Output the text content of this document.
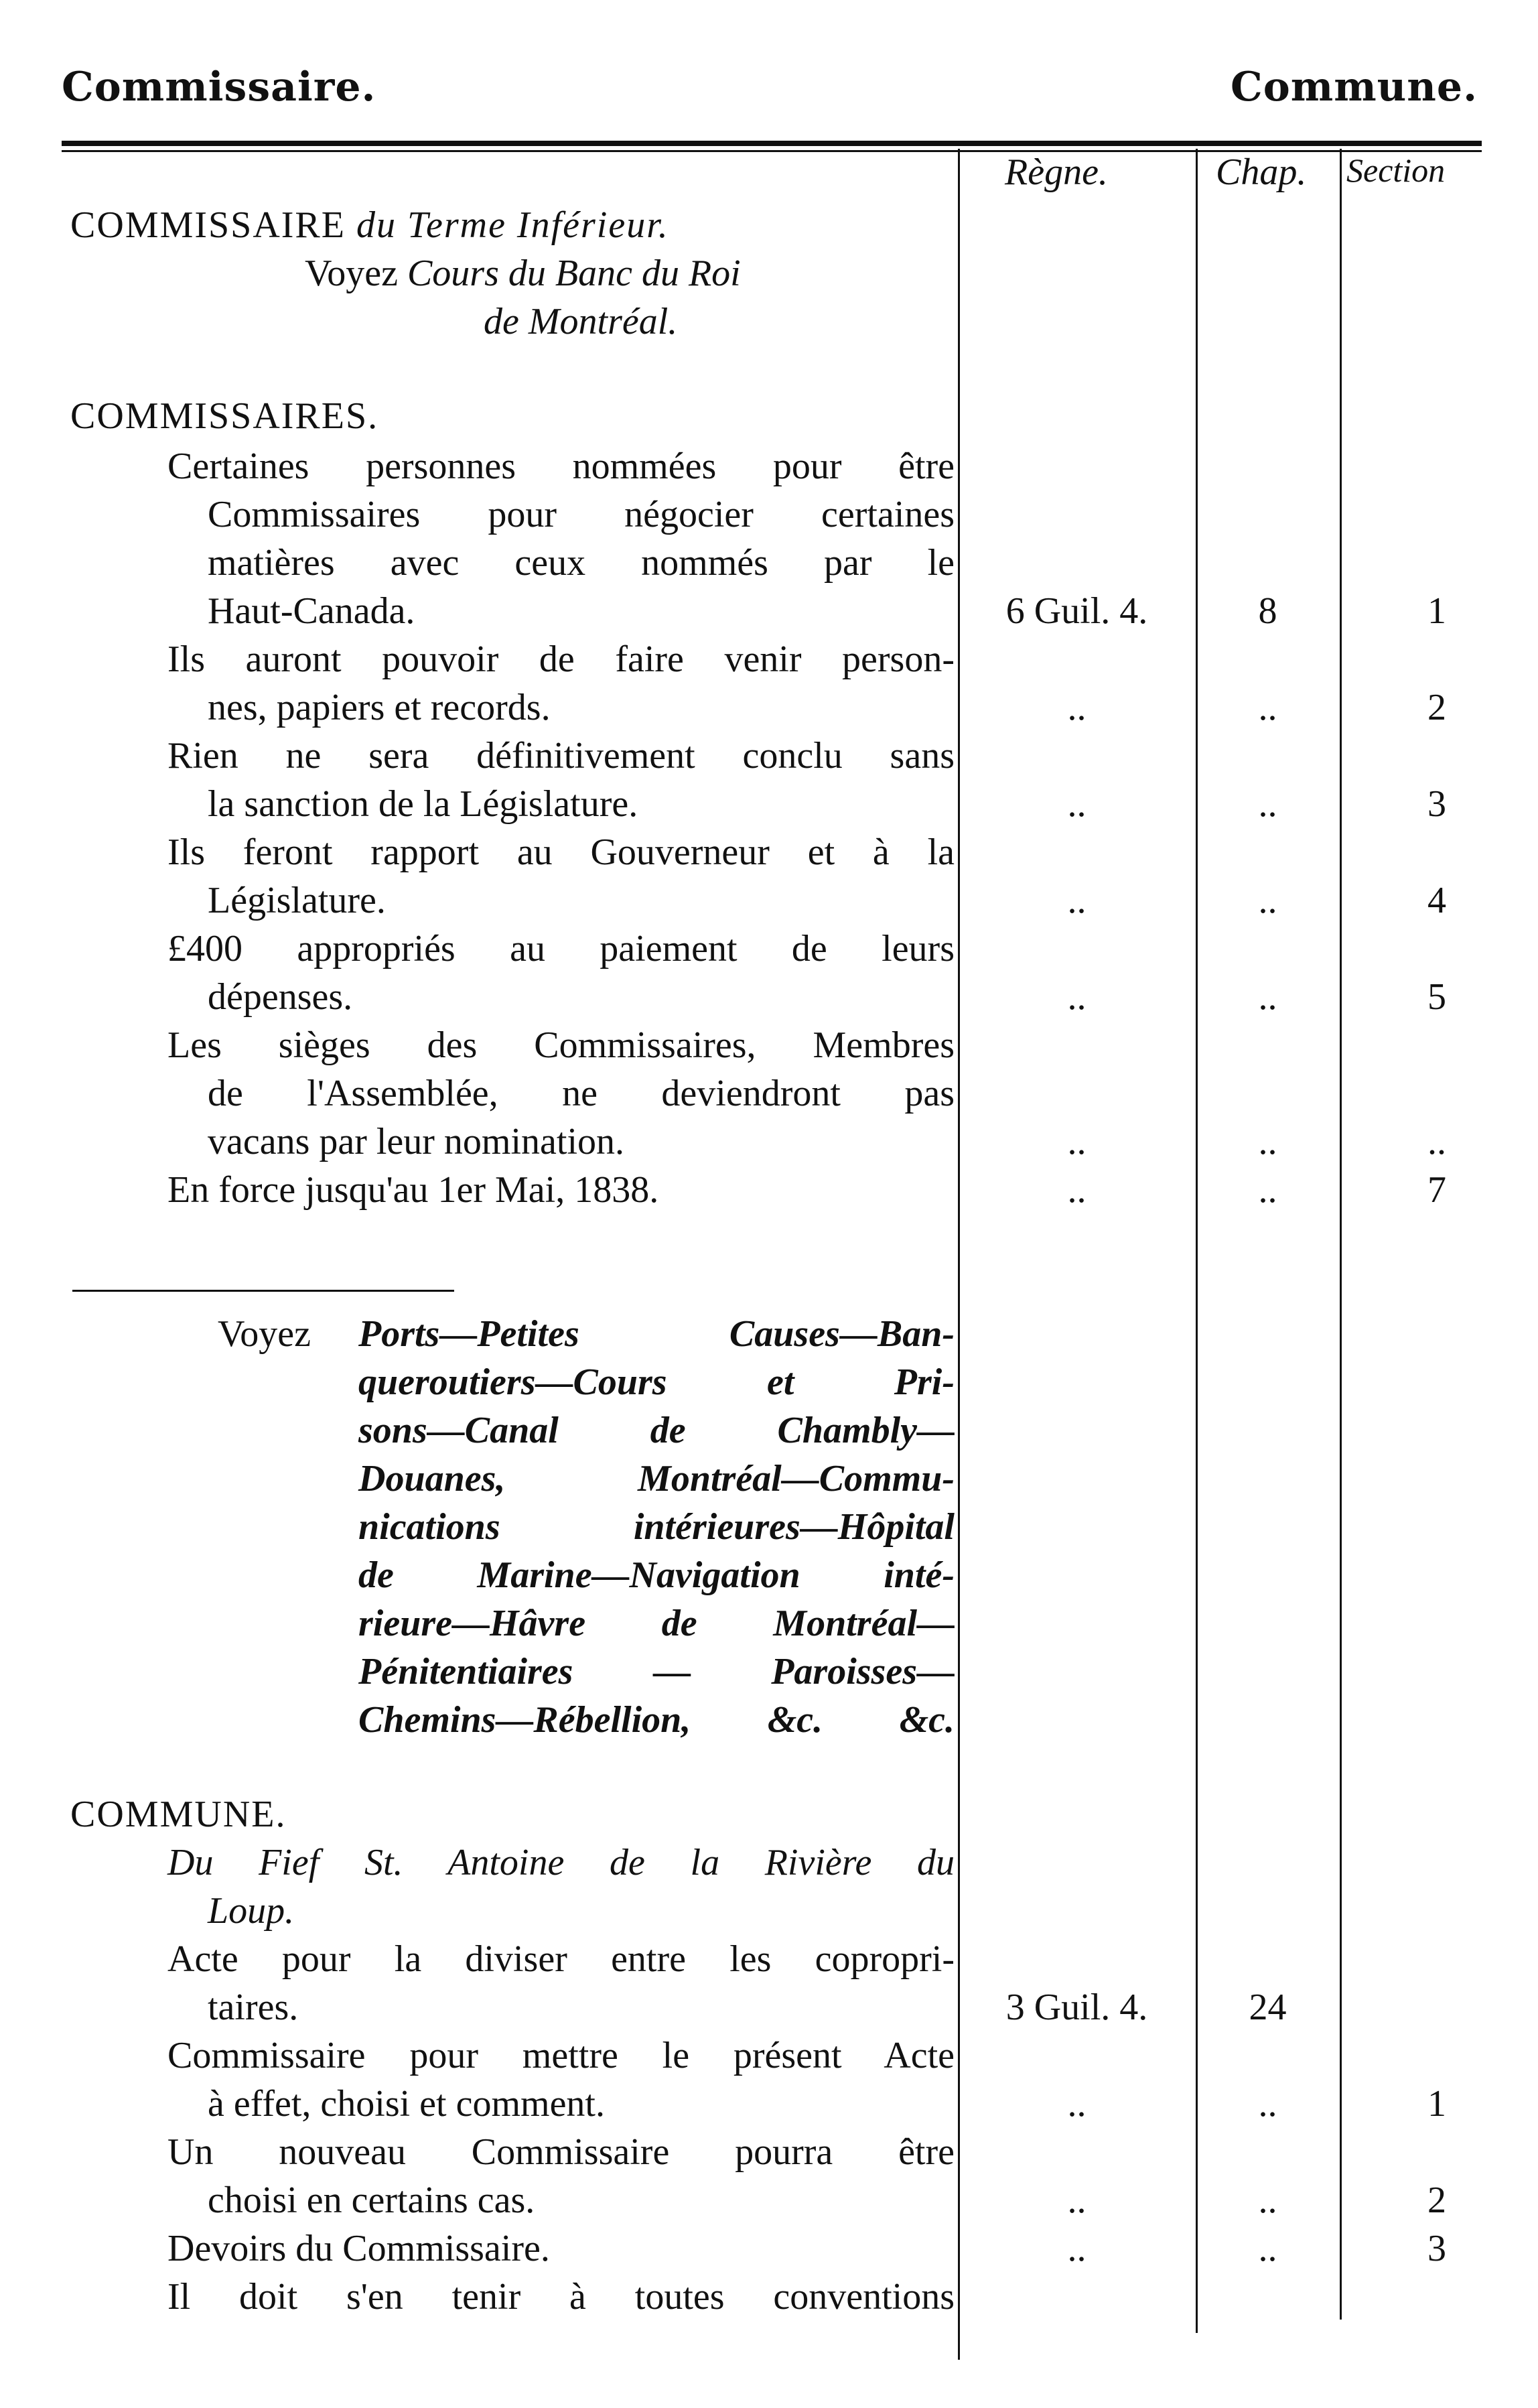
Commissaire.	Commune.
Règne.	Chap. Section
COMMISSAIRE du Terme Inférieur.
Voyez Cours du Banc du Roi
de Montréal.
COMMISSAIRES.
Certaines personnes nommées pour être
Commissaires pour négocier certaines
matières avec ceux nommés par le
Haut-Canada.	6 Guil. 4.	8	1
Ils auront pouvoir de faire venir person-
nes, papiers et records.	..	..	2
Rien ne sera définitivement conclu sans
la sanction de la Législature.	..	..	3
Ils feront rapport au Gouverneur et à la
Législature.	..	..	4
£400 appropriés au paiement de leurs
dépenses.	..	..	5
Les sièges des Commissaires, Membres
de l'Assemblée, ne deviendront pas
vacans par leur nomination.	..	..	..
En force jusqu'au 1er Mai, 1838.	..	..	7
Voyez Ports—Petites Causes—Ban-
queroutiers—Cours et Pri-
sons—Canal de Chambly—
Douanes, Montréal—Commu-
nications intérieures—Hôpital
de Marine—Navigation inté-
rieure—Hâvre de Montréal—
Pénitentiaires — Paroisses—
Chemins—Rébellion, &c. &c.
COMMUNE.
Du Fief St. Antoine de la Rivière du
Loup.
Acte pour la diviser entre les copropri-
taires.	3 Guil. 4.	24
Commissaire pour mettre le présent Acte
à effet, choisi et comment.	..	..	1
Un nouveau Commissaire pourra être
choisi en certains cas.	..	..	2
Devoirs du Commissaire.	..	..	3
Il doit s'en tenir à toutes conventions
